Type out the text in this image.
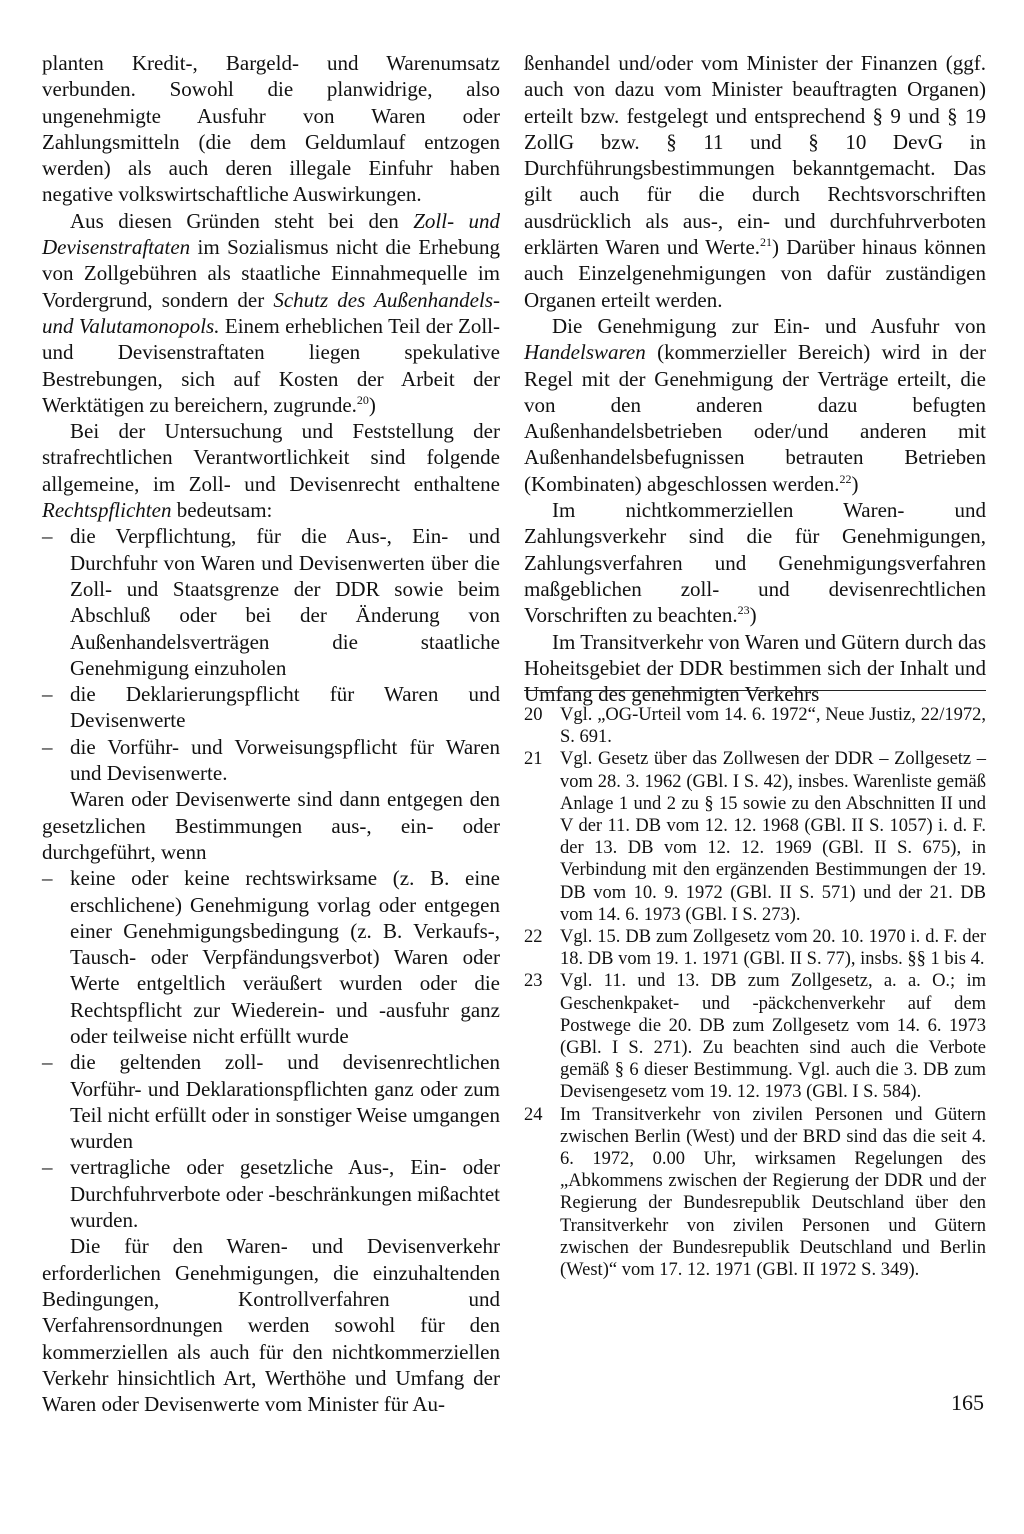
planten Kredit-, Bargeld- und Warenumsatz verbunden. Sowohl die planwidrige, also ungenehmigte Ausfuhr von Waren oder Zahlungsmitteln (die dem Geldumlauf entzogen werden) als auch deren illegale Einfuhr haben negative volkswirtschaftliche Auswirkungen.

Aus diesen Gründen steht bei den Zoll- und Devisenstraftaten im Sozialismus nicht die Erhebung von Zollgebühren als staatliche Einnahmequelle im Vordergrund, sondern der Schutz des Außenhandels- und Valutamonopols. Einem erheblichen Teil der Zoll- und Devisenstraftaten liegen spekulative Bestrebungen, sich auf Kosten der Arbeit der Werktätigen zu bereichern, zugrunde.$^{20}$)

Bei der Untersuchung und Feststellung der strafrechtlichen Verantwortlichkeit sind folgende allgemeine, im Zoll- und Devisenrecht enthaltene Rechtspflichten bedeutsam:

– die Verpflichtung, für die Aus-, Ein- und Durchfuhr von Waren und Devisenwerten über die Zoll- und Staatsgrenze der DDR sowie beim Abschluß oder bei der Änderung von Außenhandelsverträgen die staatliche Genehmigung einzuholen
– die Deklarierungspflicht für Waren und Devisenwerte
– die Vorführ- und Vorweisungspflicht für Waren und Devisenwerte.

Waren oder Devisenwerte sind dann entgegen den gesetzlichen Bestimmungen aus-, ein- oder durchgeführt, wenn

– keine oder keine rechtswirksame (z. B. eine erschlichene) Genehmigung vorlag oder entgegen einer Genehmigungsbedingung (z. B. Verkaufs-, Tausch- oder Verpfändungsverbot) Waren oder Werte entgeltlich veräußert wurden oder die Rechtspflicht zur Wiederein- und -ausfuhr ganz oder teilweise nicht erfüllt wurde
– die geltenden zoll- und devisenrechtlichen Vorführ- und Deklarationspflichten ganz oder zum Teil nicht erfüllt oder in sonstiger Weise umgangen wurden
– vertragliche oder gesetzliche Aus-, Ein- oder Durchfuhrverbote oder -beschränkungen mißachtet wurden.

Die für den Waren- und Devisenverkehr erforderlichen Genehmigungen, die einzuhaltenden Bedingungen, Kontrollverfahren und Verfahrensordnungen werden sowohl für den kommerziellen als auch für den nichtkommerziellen Verkehr hinsichtlich Art, Werthöhe und Umfang der Waren oder Devisenwerte vom Minister für Au-

ßenhandel und/oder vom Minister der Finanzen (ggf. auch von dazu vom Minister beauftragten Organen) erteilt bzw. festgelegt und entsprechend § 9 und § 19 ZollG bzw. § 11 und § 10 DevG in Durchführungsbestimmungen bekanntgemacht. Das gilt auch für die durch Rechtsvorschriften ausdrücklich als aus-, ein- und durchfuhrverboten erklärten Waren und Werte.$^{21}$) Darüber hinaus können auch Einzelgenehmigungen von dafür zuständigen Organen erteilt werden.

Die Genehmigung zur Ein- und Ausfuhr von Handelswaren (kommerzieller Bereich) wird in der Regel mit der Genehmigung der Verträge erteilt, die von den anderen dazu befugten Außenhandelsbetrieben oder/und anderen mit Außenhandelsbefugnissen betrauten Betrieben (Kombinaten) abgeschlossen werden.$^{22}$)

Im nichtkommerziellen Waren- und Zahlungsverkehr sind die für Genehmigungen, Zahlungsverfahren und Genehmigungsverfahren maßgeblichen zoll- und devisenrechtlichen Vorschriften zu beachten.$^{23}$)

Im Transitverkehr von Waren und Gütern durch das Hoheitsgebiet der DDR bestimmen sich der Inhalt und Umfang des genehmigten Verkehrs

20 Vgl. „OG-Urteil vom 14. 6. 1972“, Neue Justiz, 22/1972, S. 691.
21 Vgl. Gesetz über das Zollwesen der DDR – Zollgesetz – vom 28. 3. 1962 (GBl. I S. 42), insbes. Warenliste gemäß Anlage 1 und 2 zu § 15 sowie zu den Abschnitten II und V der 11. DB vom 12. 12. 1968 (GBl. II S. 1057) i. d. F. der 13. DB vom 12. 12. 1969 (GBl. II S. 675), in Verbindung mit den ergänzenden Bestimmungen der 19. DB vom 10. 9. 1972 (GBl. II S. 571) und der 21. DB vom 14. 6. 1973 (GBl. I S. 273).
22 Vgl. 15. DB zum Zollgesetz vom 20. 10. 1970 i. d. F. der 18. DB vom 19. 1. 1971 (GBl. II S. 77), insbs. §§ 1 bis 4.
23 Vgl. 11. und 13. DB zum Zollgesetz, a. a. O.; im Geschenkpaket- und -päckchenverkehr auf dem Postwege die 20. DB zum Zollgesetz vom 14. 6. 1973 (GBl. I S. 271). Zu beachten sind auch die Verbote gemäß § 6 dieser Bestimmung. Vgl. auch die 3. DB zum Devisengesetz vom 19. 12. 1973 (GBl. I S. 584).
24 Im Transitverkehr von zivilen Personen und Gütern zwischen Berlin (West) und der BRD sind das die seit 4. 6. 1972, 0.00 Uhr, wirksamen Regelungen des „Abkommens zwischen der Regierung der DDR und der Regierung der Bundesrepublik Deutschland über den Transitverkehr von zivilen Personen und Gütern zwischen der Bundesrepublik Deutschland und Berlin (West)“ vom 17. 12. 1971 (GBl. II 1972 S. 349).
165
